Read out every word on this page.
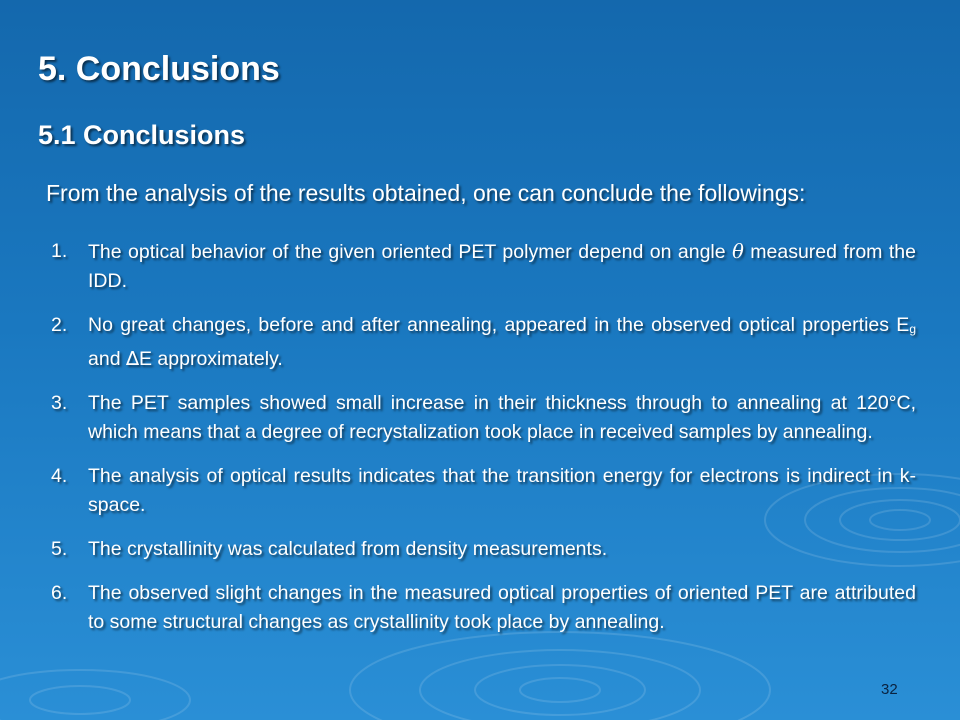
5. Conclusions
5.1 Conclusions

From the analysis of the results obtained, one can conclude the followings:

1. The optical behavior of the given oriented PET polymer depend on angle θ measured from the IDD.
2. No great changes, before and after annealing, appeared in the observed optical properties $E_g$ and ∆E approximately.
3. The PET samples showed small increase in their thickness through to annealing at 120°C, which means that a degree of recrystalization took place in received samples by annealing.
4. The analysis of optical results indicates that the transition energy for electrons is indirect in k-space.
5. The crystallinity was calculated from density measurements.
6. The observed slight changes in the measured optical properties of oriented PET are attributed to some structural changes as crystallinity took place by annealing.
32
